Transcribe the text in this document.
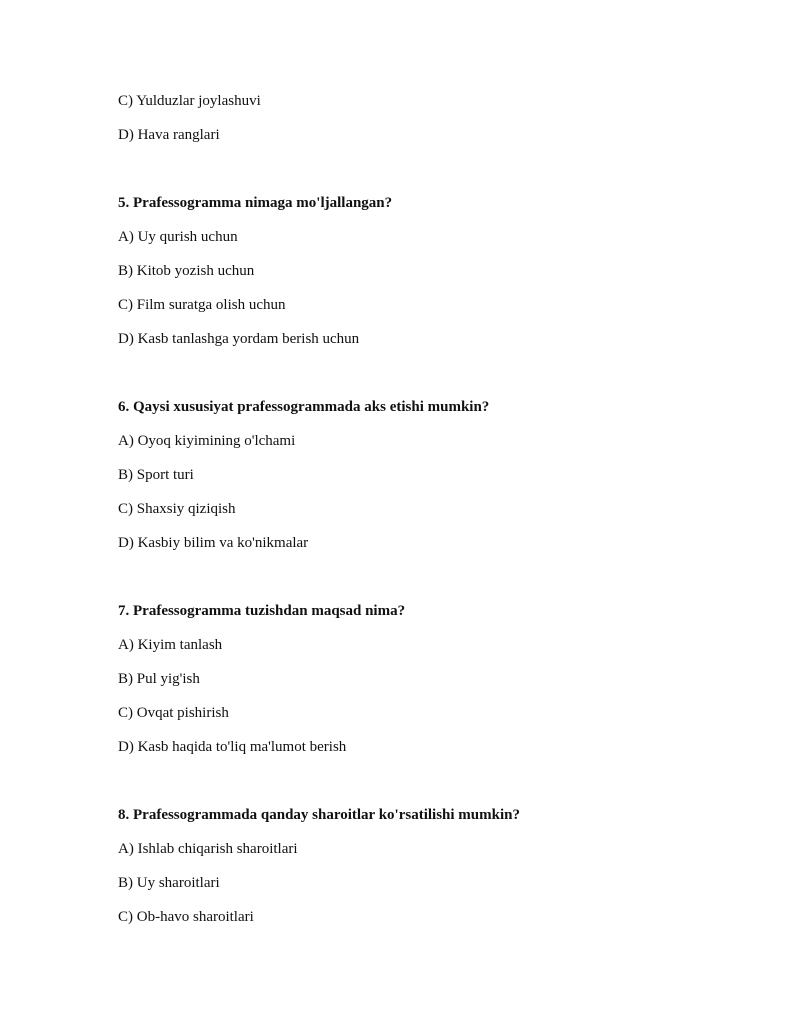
C) Yulduzlar joylashuvi
D) Hava ranglari
5. Prafessogramma nimaga mo'ljallangan?
A) Uy qurish uchun
B) Kitob yozish uchun
C) Film suratga olish uchun
D) Kasb tanlashga yordam berish uchun
6. Qaysi xususiyat prafessogrammada aks etishi mumkin?
A) Oyoq kiyimining o'lchami
B) Sport turi
C) Shaxsiy qiziqish
D) Kasbiy bilim va ko'nikmalar
7. Prafessogramma tuzishdan maqsad nima?
A) Kiyim tanlash
B) Pul yig'ish
C) Ovqat pishirish
D) Kasb haqida to'liq ma'lumot berish
8. Prafessogrammada qanday sharoitlar ko'rsatilishi mumkin?
A) Ishlab chiqarish sharoitlari
B) Uy sharoitlari
C) Ob-havo sharoitlari
